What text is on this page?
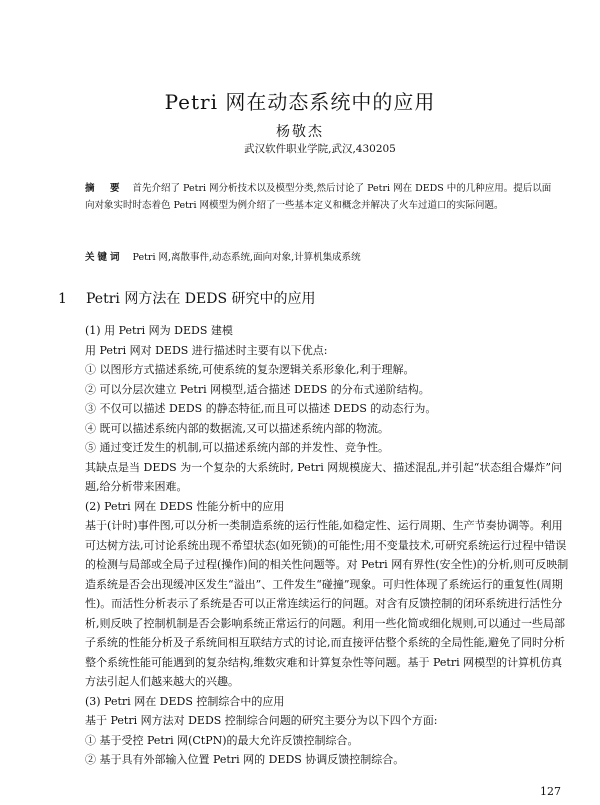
Petri 网在动态系统中的应用
杨敬杰
武汉软件职业学院,武汉,430205

摘　要 首先介绍了 Petri 网分析技术以及模型分类,然后讨论了 Petri 网在 DEDS 中的几种应用。提后以面向对象实时时态着色 Petri 网模型为例介绍了一些基本定义和概念并解决了火车过道口的实际问题。

关键词 Petri 网,离散事件,动态系统,面向对象,计算机集成系统

1 Petri 网方法在 DEDS 研究中的应用

(1) 用 Petri 网为 DEDS 建模

用 Petri 网对 DEDS 进行描述时主要有以下优点:

① 以图形方式描述系统,可使系统的复杂逻辑关系形象化,利于理解。

② 可以分层次建立 Petri 网模型,适合描述 DEDS 的分布式递阶结构。

③ 不仅可以描述 DEDS 的静态特征,而且可以描述 DEDS 的动态行为。

④ 既可以描述系统内部的数据流,又可以描述系统内部的物流。

⑤ 通过变迁发生的机制,可以描述系统内部的并发性、竞争性。

其缺点是当 DEDS 为一个复杂的大系统时, Petri 网规模庞大、描述混乱,并引起“状态组合爆炸”问题,给分析带来困难。

(2) Petri 网在 DEDS 性能分析中的应用

基于(计时)事件图,可以分析一类制造系统的运行性能,如稳定性、运行周期、生产节奏协调等。利用可达树方法,可讨论系统出现不希望状态(如死锁)的可能性;用不变量技术,可研究系统运行过程中错误的检测与局部或全局子过程(操作)间的相关性问题等。对 Petri 网有界性(安全性)的分析,则可反映制造系统是否会出现缓冲区发生“溢出”、工件发生“碰撞”现象。可归性体现了系统运行的重复性(周期性)。而活性分析表示了系统是否可以正常连续运行的问题。对含有反馈控制的闭环系统进行活性分析,则反映了控制机制是否会影响系统正常运行的问题。利用一些化简或细化规则,可以通过一些局部子系统的性能分析及子系统间相互联结方式的讨论,而直接评估整个系统的全局性能,避免了同时分析整个系统性能可能遇到的复杂结构,维数灾难和计算复杂性等问题。基于 Petri 网模型的计算机仿真方法引起人们越来越大的兴趣。

(3) Petri 网在 DEDS 控制综合中的应用

基于 Petri 网方法对 DEDS 控制综合问题的研究主要分为以下四个方面:

① 基于受控 Petri 网(CtPN)的最大允许反馈控制综合。

② 基于具有外部输入位置 Petri 网的 DEDS 协调反馈控制综合。

127
